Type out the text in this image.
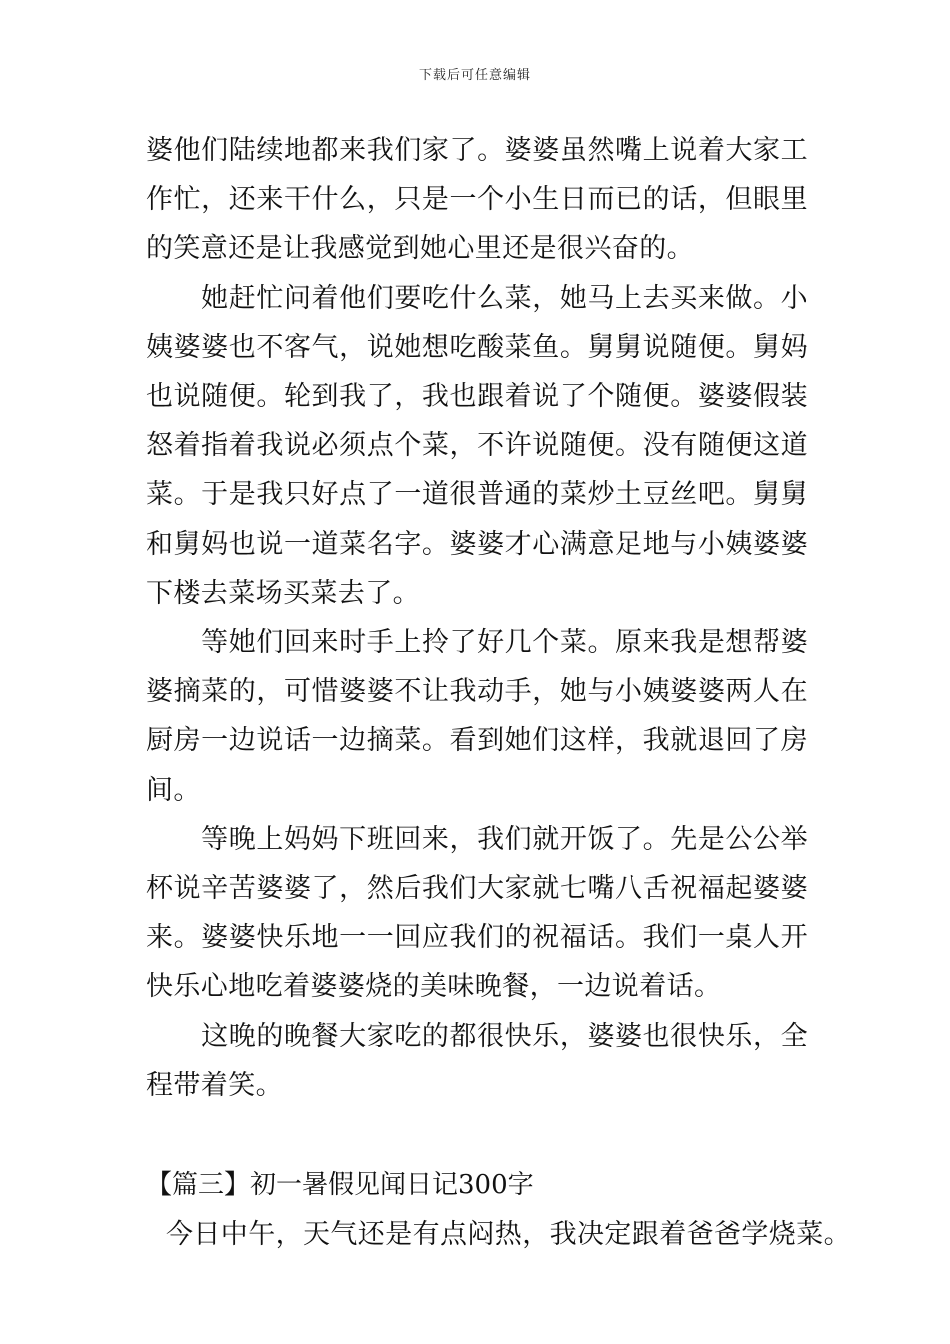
下载后可任意编辑

婆他们陆续地都来我们家了。婆婆虽然嘴上说着大家工作忙，还来干什么，只是一个小生日而已的话，但眼里的笑意还是让我感觉到她心里还是很兴奋的。

　　她赶忙问着他们要吃什么菜，她马上去买来做。小姨婆婆也不客气，说她想吃酸菜鱼。舅舅说随便。舅妈也说随便。轮到我了，我也跟着说了个随便。婆婆假装怒着指着我说必须点个菜，不许说随便。没有随便这道菜。于是我只好点了一道很普通的菜炒土豆丝吧。舅舅和舅妈也说一道菜名字。婆婆才心满意足地与小姨婆婆下楼去菜场买菜去了。

　　等她们回来时手上拎了好几个菜。原来我是想帮婆婆摘菜的，可惜婆婆不让我动手，她与小姨婆婆两人在厨房一边说话一边摘菜。看到她们这样，我就退回了房间。

　　等晚上妈妈下班回来，我们就开饭了。先是公公举杯说辛苦婆婆了，然后我们大家就七嘴八舌祝福起婆婆来。婆婆快乐地一一回应我们的祝福话。我们一桌人开快乐心地吃着婆婆烧的美味晚餐，一边说着话。

　　这晚的晚餐大家吃的都很快乐，婆婆也很快乐，全程带着笑。

【篇三】初一暑假见闻日记300字

今日中午，天气还是有点闷热，我决定跟着爸爸学烧菜。
